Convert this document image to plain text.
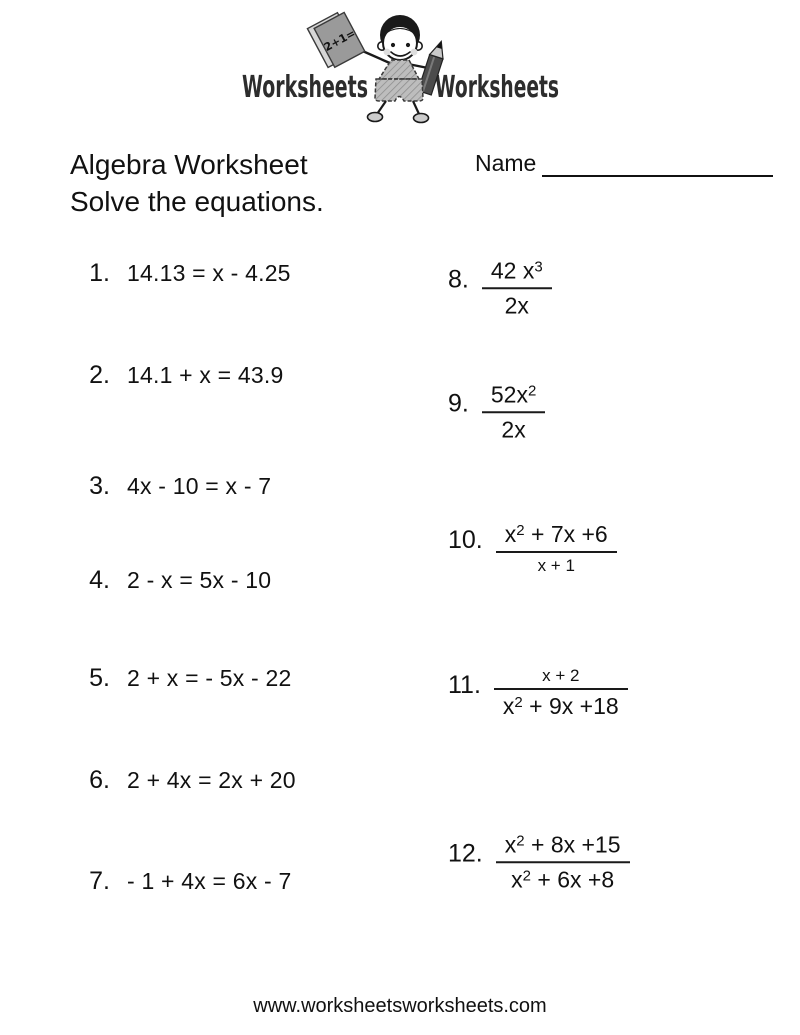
Worksheets Worksheets
2+1=
Algebra Worksheet
Solve the equations.
Name
1. 14.13 = x - 4.25
2. 14.1 + x = 43.9
3. 4x - 10 = x - 7
4. 2 - x = 5x - 10
5. 2 + x = - 5x - 22
6. 2 + 4x = 2x + 20
7. - 1 + 4x = 6x - 7
8. $\frac{42 x^3}{2x}$
9. $\frac{52x^2}{2x}$
10. $\frac{x^2 + 7x +6}{x + 1}$
11. $\frac{x + 2}{x^2 + 9x +18}$
12. $\frac{x^2 + 8x +15}{x^2 + 6x +8}$
www.worksheetsworksheets.com
